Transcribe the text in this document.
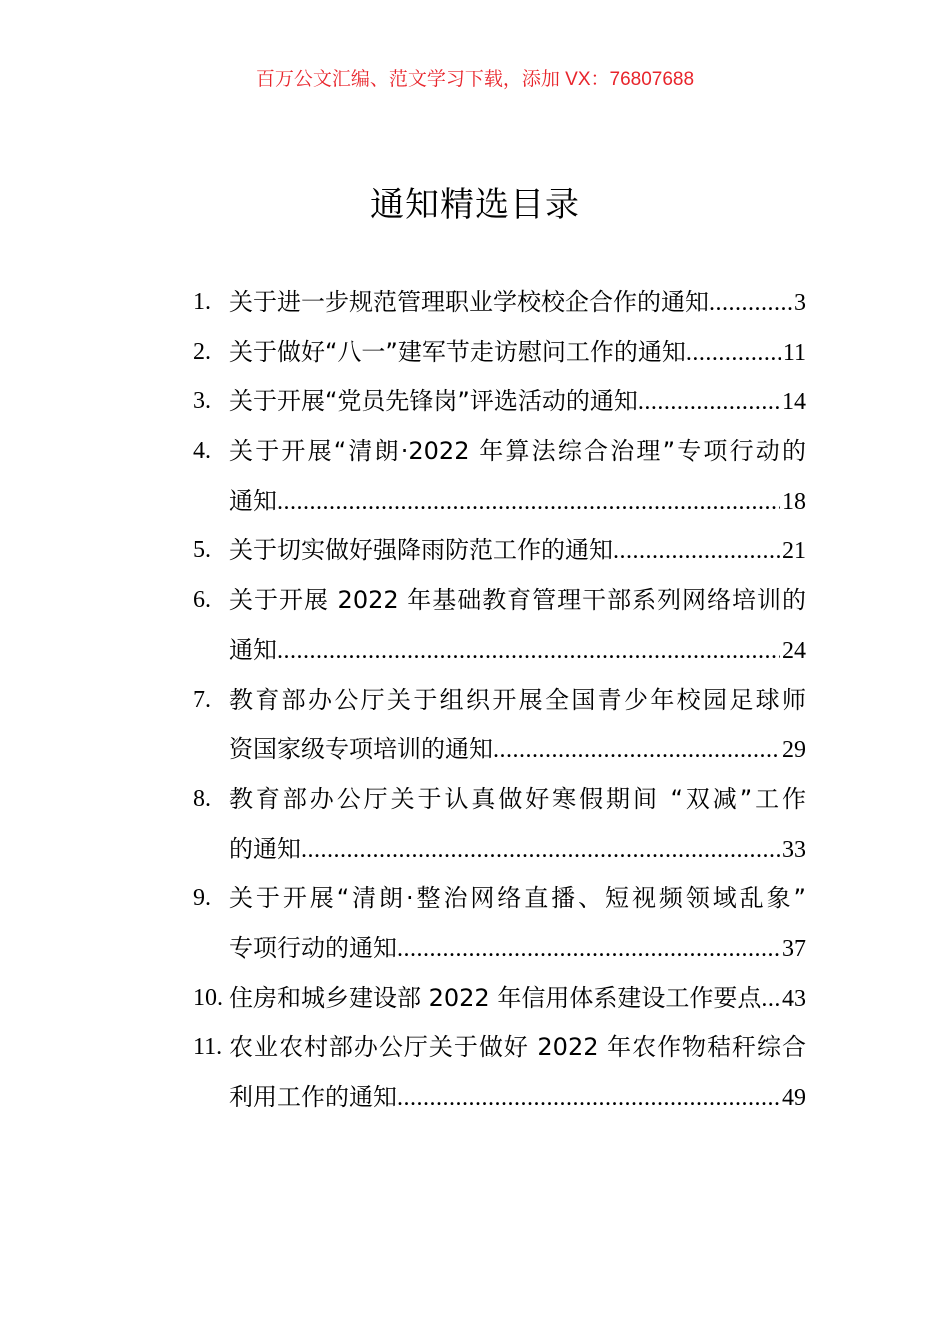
百万公文汇编、范文学习下载，添加 VX：76807688
通知精选目录
1. 关于进一步规范管理职业学校校企合作的通知 .....	3
2. 关于做好“八一”建军节走访慰问工作的通知 .....	11
3. 关于开展“党员先锋岗”评选活动的通知 .....	14
4. 关于开展“清朗·2022 年算法综合治理”专项行动的
通知 .....	18
5. 关于切实做好强降雨防范工作的通知 .....	21
6. 关于开展 2022 年基础教育管理干部系列网络培训的
通知 .....	24
7. 教育部办公厅关于组织开展全国青少年校园足球师
资国家级专项培训的通知 .....	29
8. 教育部办公厅关于认真做好寒假期间 “双减”工作
的通知 .....	33
9. 关于开展“清朗·整治网络直播、短视频领域乱象”
专项行动的通知 .....	37
10. 住房和城乡建设部 2022 年信用体系建设工作要点 ..... 43
11. 农业农村部办公厅关于做好 2022 年农作物秸秆综合
利用工作的通知 .....	49
